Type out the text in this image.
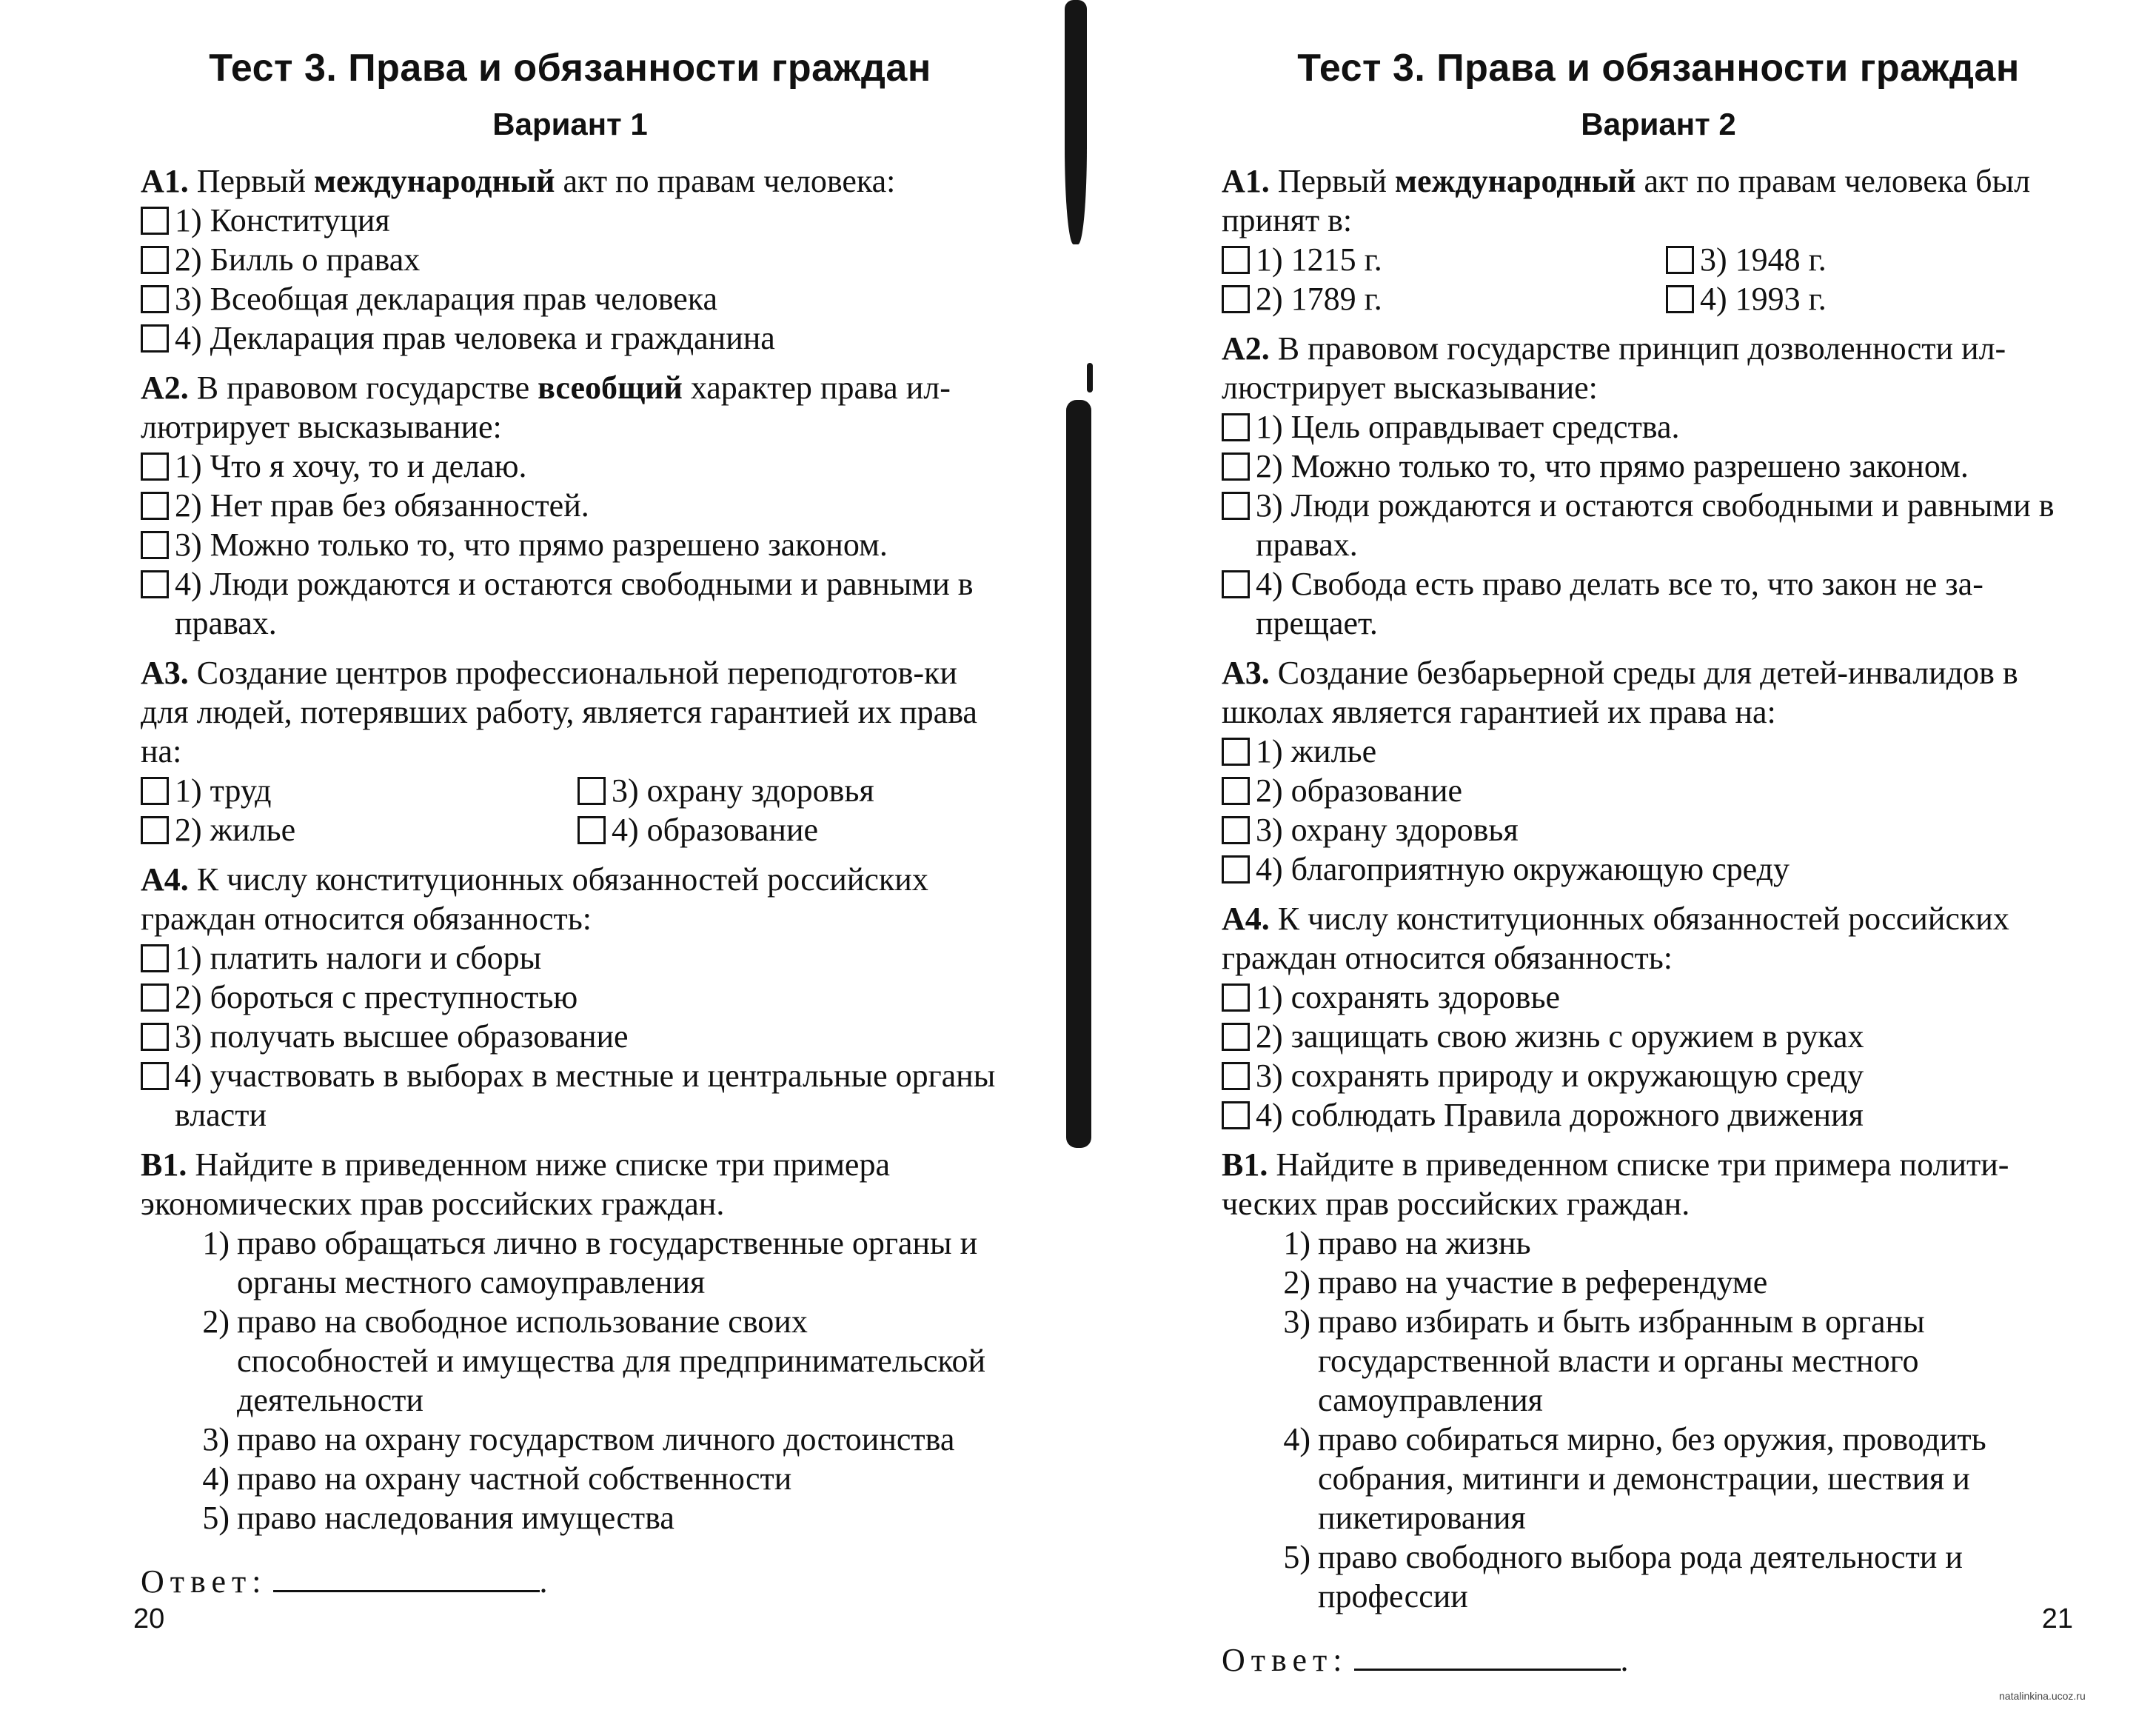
Тест 3. Права и обязанности граждан
Вариант 1

А1. Первый международный акт по правам человека:

1) Конституция
2) Билль о правах
3) Всеобщая декларация прав человека
4) Декларация прав человека и гражданина

А2. В правовом государстве всеобщий характер права ил-лютрирует высказывание:

1) Что я хочу, то и делаю.
2) Нет прав без обязанностей.
3) Можно только то, что прямо разрешено законом.
4) Люди рождаются и остаются свободными и равными в правах.

А3. Создание центров профессиональной переподготов-ки для людей, потерявших работу, является гарантией их права на:

1) труд	3) охрану здоровья
2) жилье	4) образование

А4. К числу конституционных обязанностей российских граждан относится обязанность:

1) платить налоги и сборы
2) бороться с преступностью
3) получать высшее образование
4) участвовать в выборах в местные и центральные органы власти

В1. Найдите в приведенном ниже списке три примера экономических прав российских граждан.

1) право обращаться лично в государственные органы и органы местного самоуправления
2) право на свободное использование своих способностей и имущества для предпринимательской деятельности
3) право на охрану государством личного достоинства
4) право на охрану частной собственности
5) право наследования имущества
Ответ:	.
20
Тест 3. Права и обязанности граждан
Вариант 2

А1. Первый международный акт по правам человека был принят в:

1) 1215 г.	3) 1948 г.
2) 1789 г.	4) 1993 г.

А2. В правовом государстве принцип дозволенности ил-люстрирует высказывание:

1) Цель оправдывает средства.
2) Можно только то, что прямо разрешено законом.
3) Люди рождаются и остаются свободными и равными в правах.
4) Свобода есть право делать все то, что закон не за-прещает.

А3. Создание безбарьерной среды для детей-инвалидов в школах является гарантией их права на:

1) жилье
2) образование
3) охрану здоровья
4) благоприятную окружающую среду

А4. К числу конституционных обязанностей российских граждан относится обязанность:

1) сохранять здоровье
2) защищать свою жизнь с оружием в руках
3) сохранять природу и окружающую среду
4) соблюдать Правила дорожного движения

В1. Найдите в приведенном списке три примера полити-ческих прав российских граждан.

1) право на жизнь
2) право на участие в референдуме
3) право избирать и быть избранным в органы государственной власти и органы местного самоуправления
4) право собираться мирно, без оружия, проводить собрания, митинги и демонстрации, шествия и пикетирования
5) право свободного выбора рода деятельности и профессии
Ответ:	.
21
natalinkina.ucoz.ru
